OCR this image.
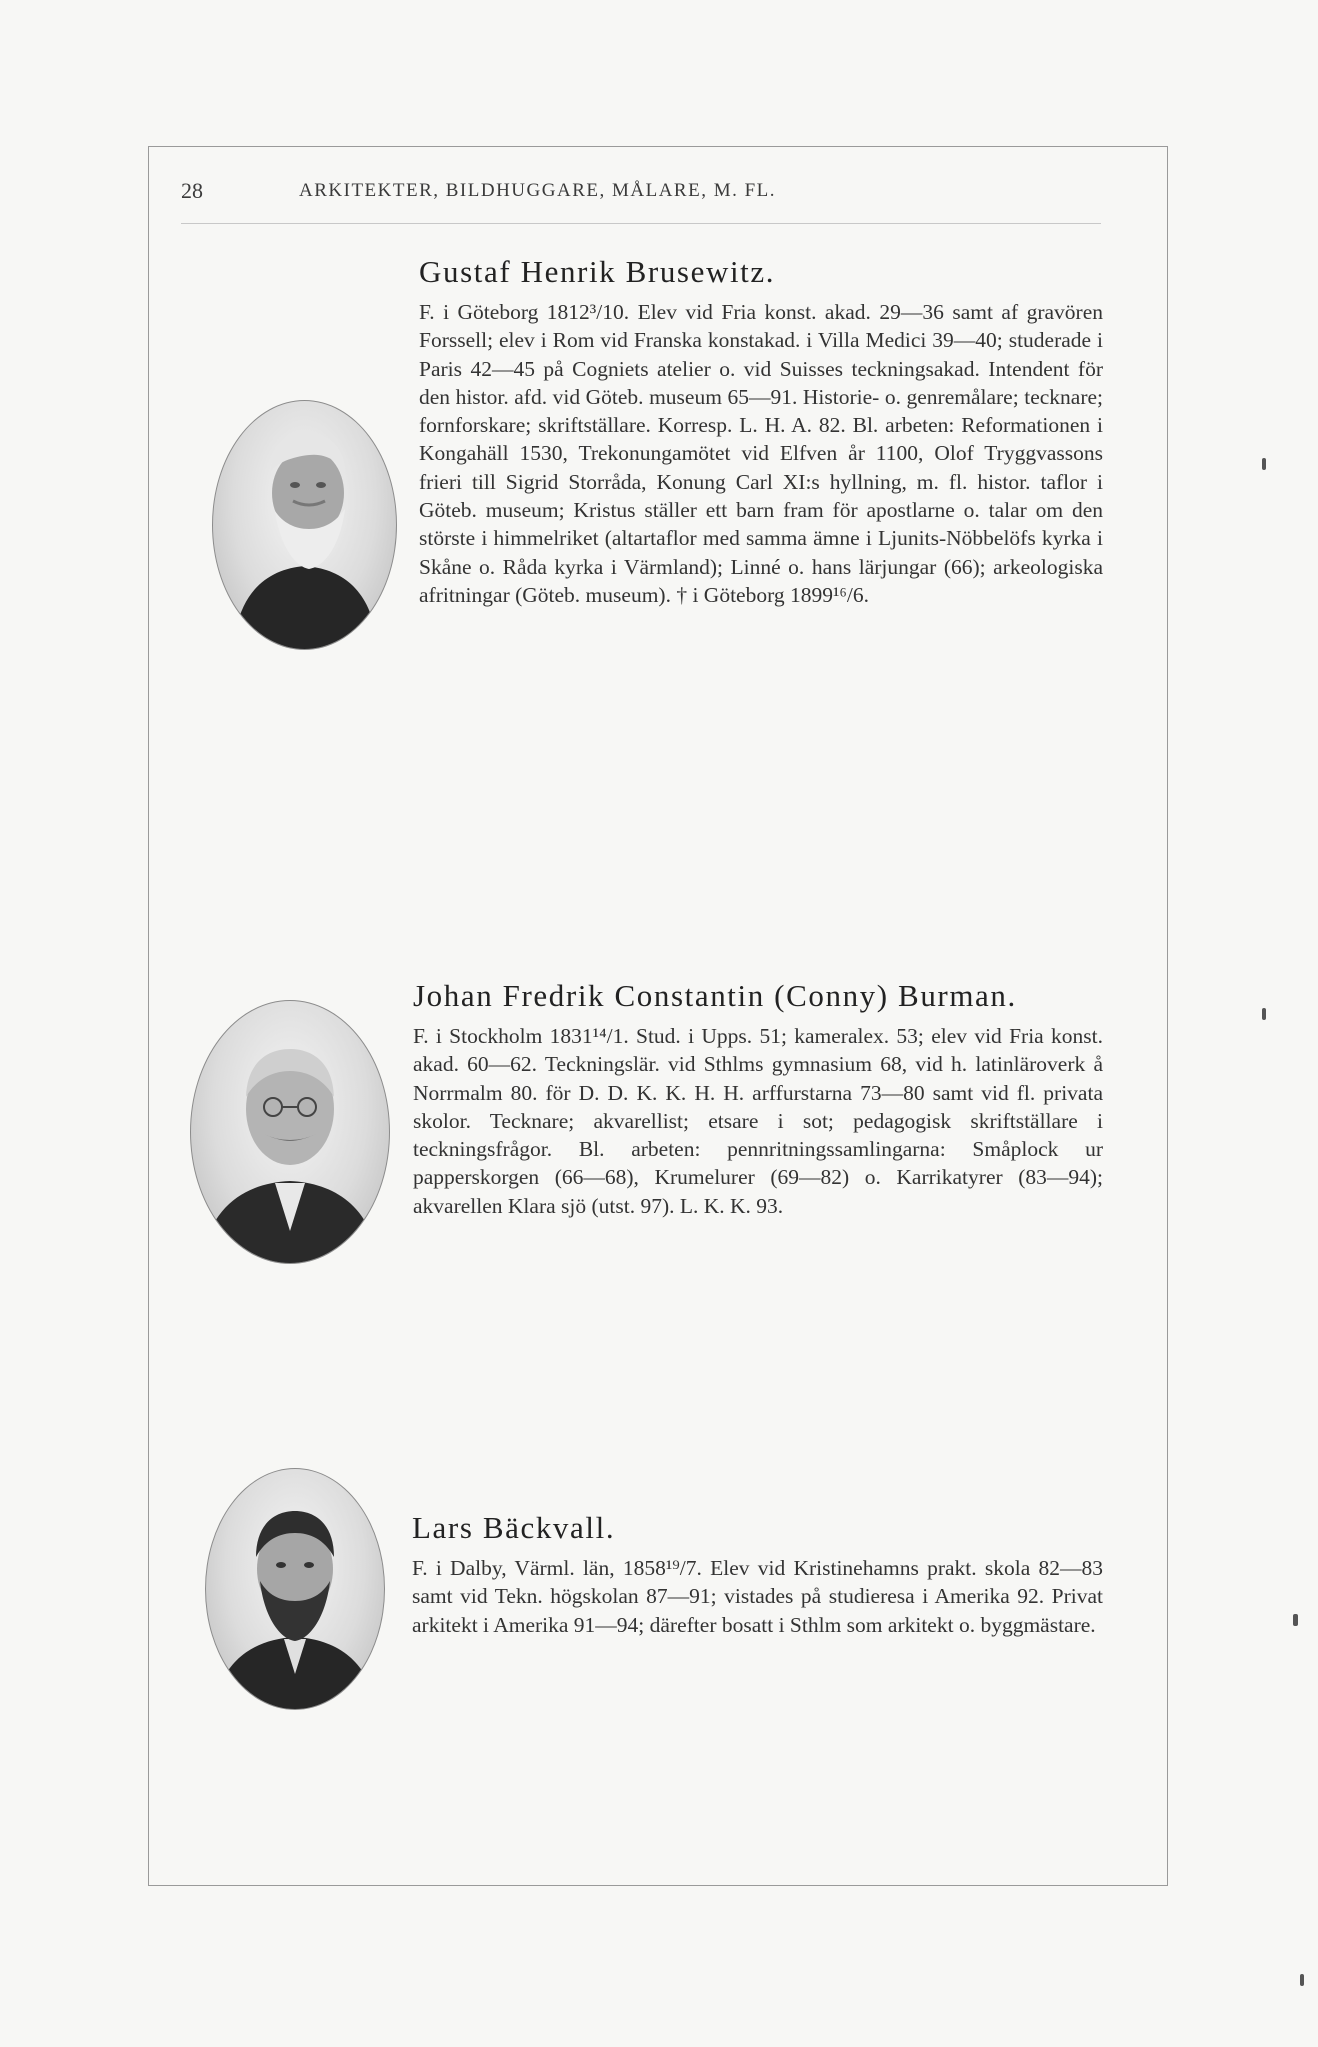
28	ARKITEKTER, BILDHUGGARE, MÅLARE, M. FL.
Gustaf Henrik Brusewitz.

F. i Göteborg 1812³/10. Elev vid Fria konst. akad. 29—36 samt af gravören Forssell; elev i Rom vid Franska konstakad. i Villa Medici 39—40; studerade i Paris 42—45 på Cogniets atelier o. vid Suisses teckningsakad. Intendent för den histor. afd. vid Göteb. museum 65—91. Historie- o. genremålare; tecknare; fornforskare; skriftställare. Korresp. L. H. A. 82. Bl. arbeten: Reformationen i Kongahäll 1530, Trekonungamötet vid Elfven år 1100, Olof Tryggvassons frieri till Sigrid Storråda, Konung Carl XI:s hyllning, m. fl. histor. taflor i Göteb. museum; Kristus ställer ett barn fram för apostlarne o. talar om den störste i himmelriket (altartaflor med samma ämne i Ljunits-Nöbbelöfs kyrka i Skåne o. Råda kyrka i Värmland); Linné o. hans lärjungar (66); arkeologiska afritningar (Göteb. museum). † i Göteborg 1899¹⁶/6.

Johan Fredrik Constantin (Conny) Burman.

F. i Stockholm 1831¹⁴/1. Stud. i Upps. 51; kameralex. 53; elev vid Fria konst. akad. 60—62. Teckningslär. vid Sthlms gymnasium 68, vid h. latinläroverk å Norrmalm 80. för D. D. K. K. H. H. arffurstarna 73—80 samt vid fl. privata skolor. Tecknare; akvarellist; etsare i sot; pedagogisk skriftställare i teckningsfrågor. Bl. arbeten: pennritningssamlingarna: Småplock ur papperskorgen (66—68), Krumelurer (69—82) o. Karrikatyrer (83—94); akvarellen Klara sjö (utst. 97). L. K. K. 93.

Lars Bäckvall.

F. i Dalby, Värml. län, 1858¹⁹/7. Elev vid Kristinehamns prakt. skola 82—83 samt vid Tekn. högskolan 87—91; vistades på studieresa i Amerika 92. Privat arkitekt i Amerika 91—94; därefter bosatt i Sthlm som arkitekt o. byggmästare.
